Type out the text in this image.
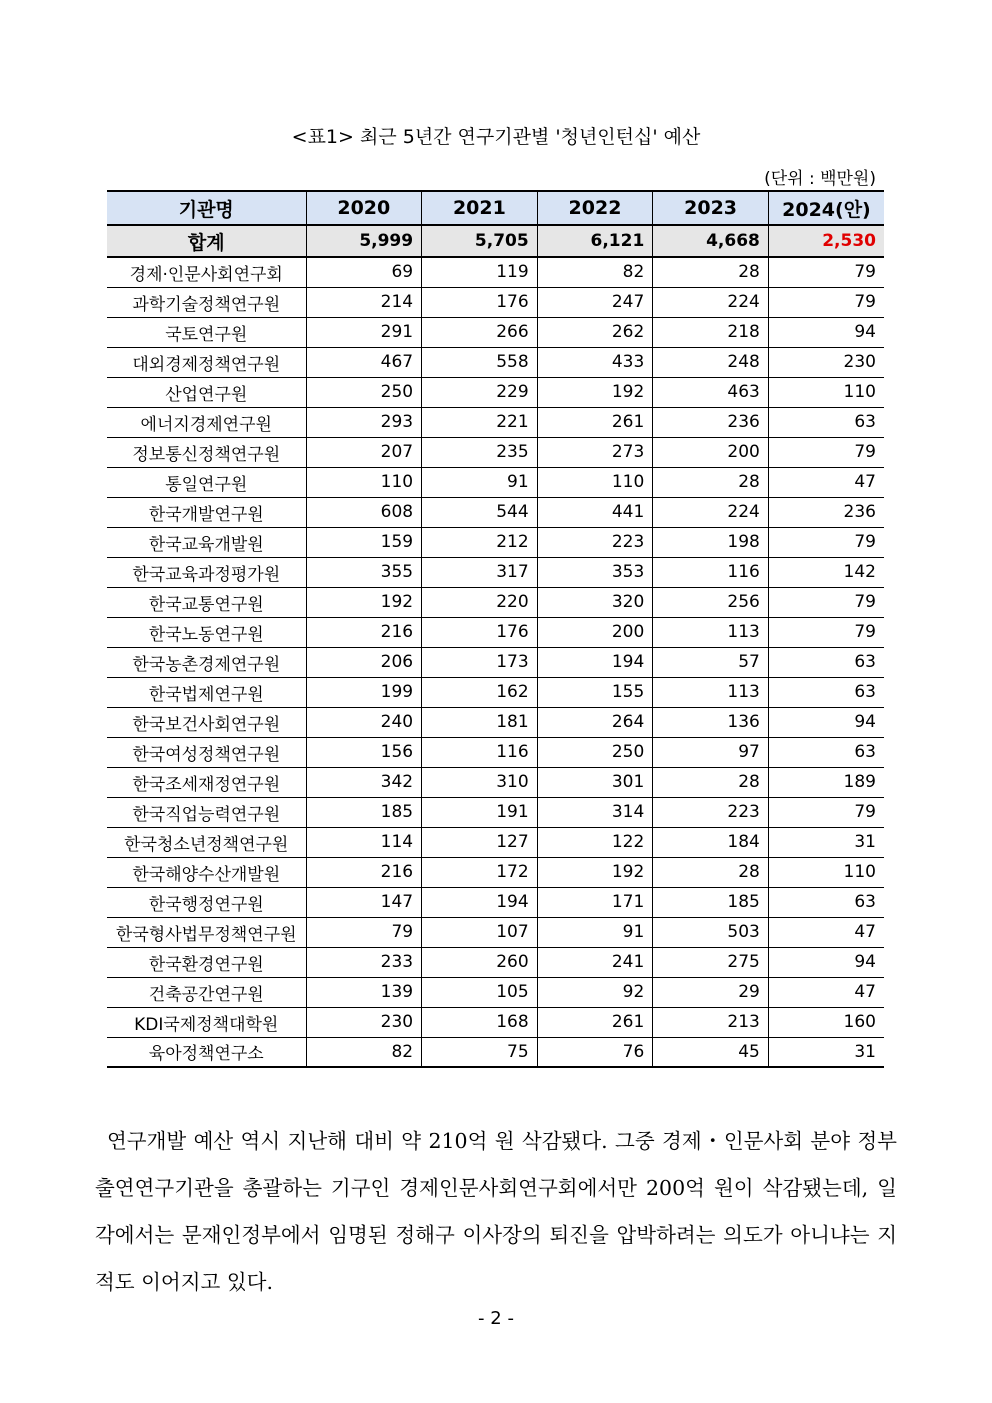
<표1> 최근 5년간 연구기관별 '청년인턴십' 예산
(단위 : 백만원)
기관명	2020	2021	2022	2023	2024(안)
합계	5,999	5,705	6,121	4,668	2,530
경제·인문사회연구회	69	119	82	28	79
과학기술정책연구원	214	176	247	224	79
국토연구원	291	266	262	218	94
대외경제정책연구원	467	558	433	248	230
산업연구원	250	229	192	463	110
에너지경제연구원	293	221	261	236	63
정보통신정책연구원	207	235	273	200	79
통일연구원	110	91	110	28	47
한국개발연구원	608	544	441	224	236
한국교육개발원	159	212	223	198	79
한국교육과정평가원	355	317	353	116	142
한국교통연구원	192	220	320	256	79
한국노동연구원	216	176	200	113	79
한국농촌경제연구원	206	173	194	57	63
한국법제연구원	199	162	155	113	63
한국보건사회연구원	240	181	264	136	94
한국여성정책연구원	156	116	250	97	63
한국조세재정연구원	342	310	301	28	189
한국직업능력연구원	185	191	314	223	79
한국청소년정책연구원	114	127	122	184	31
한국해양수산개발원	216	172	192	28	110
한국행정연구원	147	194	171	185	63
한국형사법무정책연구원	79	107	91	503	47
한국환경연구원	233	260	241	275	94
건축공간연구원	139	105	92	29	47
KDI국제정책대학원	230	168	261	213	160
육아정책연구소	82	75	76	45	31
연구개발 예산 역시 지난해 대비 약 210억 원 삭감됐다. 그중 경제・인문사회 분야 정부출연연구기관을 총괄하는 기구인 경제인문사회연구회에서만 200억 원이 삭감됐는데, 일각에서는 문재인정부에서 임명된 정해구 이사장의 퇴진을 압박하려는 의도가 아니냐는 지적도 이어지고 있다.
- 2 -
